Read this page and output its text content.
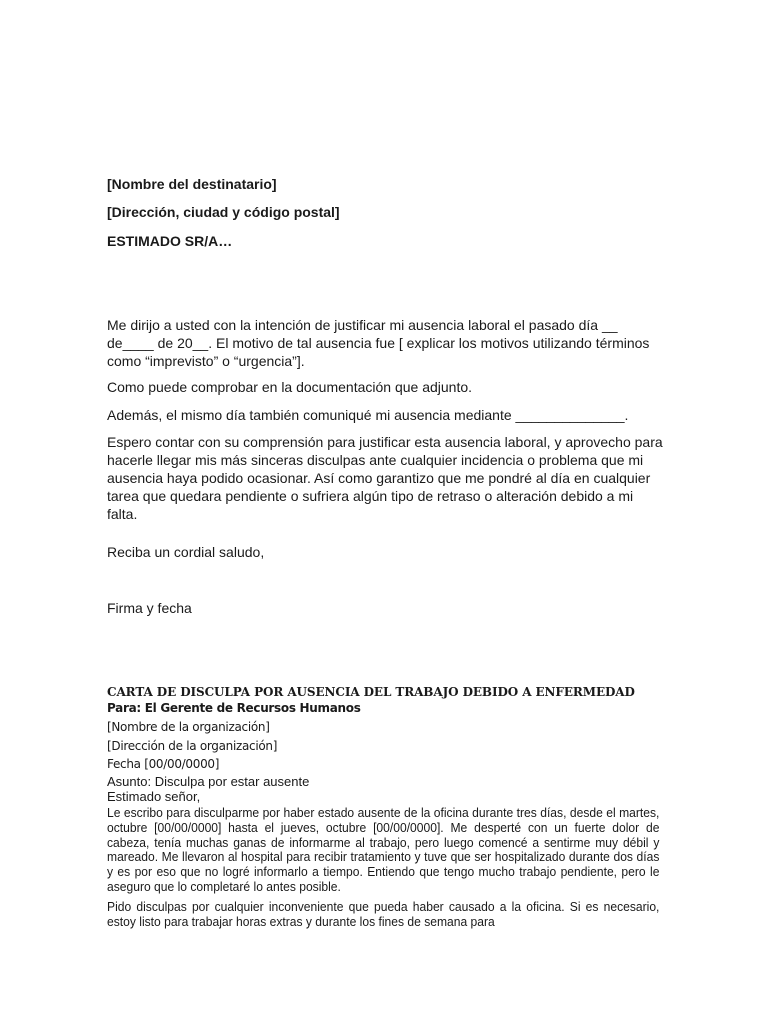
[Nombre del destinatario]
[Dirección, ciudad y código postal]
ESTIMADO SR/A…

Me dirijo a usted con la intención de justificar mi ausencia laboral el pasado día __ de____ de 20__. El motivo de tal ausencia fue [ explicar los motivos utilizando términos como “imprevisto” o “urgencia”].

Como puede comprobar en la documentación que adjunto.

Además, el mismo día también comuniqué mi ausencia mediante ______________.

Espero contar con su comprensión para justificar esta ausencia laboral, y aprovecho para hacerle llegar mis más sinceras disculpas ante cualquier incidencia o problema que mi ausencia haya podido ocasionar. Así como garantizo que me pondré al día en cualquier tarea que quedara pendiente o sufriera algún tipo de retraso o alteración debido a mi falta.

Reciba un cordial saludo,
Firma y fecha
CARTA DE DISCULPA POR AUSENCIA DEL TRABAJO DEBIDO A ENFERMEDAD
Para: El Gerente de Recursos Humanos
[Nombre de la organización]
[Dirección de la organización]
Fecha [00/00/0000]
Asunto: Disculpa por estar ausente
Estimado señor,

Le escribo para disculparme por haber estado ausente de la oficina durante tres días, desde el martes, octubre [00/00/0000] hasta el jueves, octubre [00/00/0000]. Me desperté con un fuerte dolor de cabeza, tenía muchas ganas de informarme al trabajo, pero luego comencé a sentirme muy débil y mareado. Me llevaron al hospital para recibir tratamiento y tuve que ser hospitalizado durante dos días y es por eso que no logré informarlo a tiempo. Entiendo que tengo mucho trabajo pendiente, pero le aseguro que lo completaré lo antes posible.

Pido disculpas por cualquier inconveniente que pueda haber causado a la oficina. Si es necesario, estoy listo para trabajar horas extras y durante los fines de semana para
